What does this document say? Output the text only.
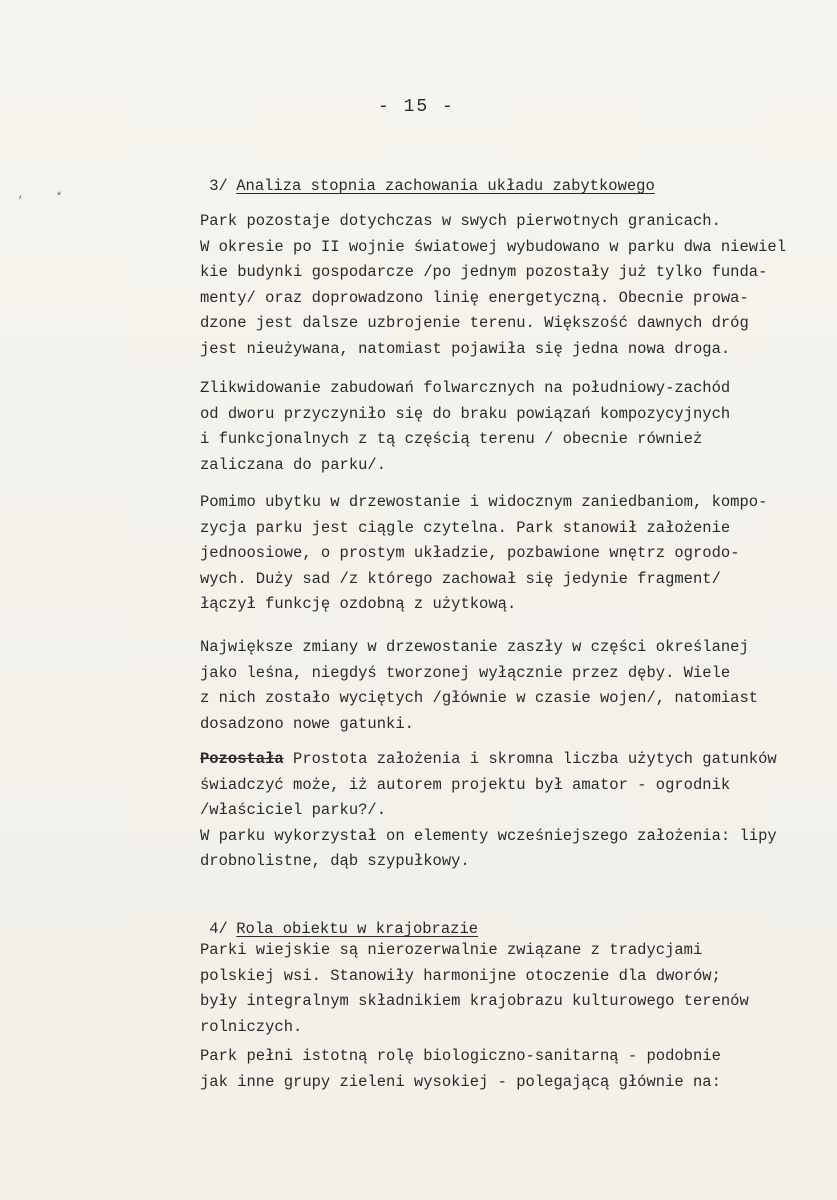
- 15 -
,	*

3/ Analiza stopnia zachowania układu zabytkowego

Park pozostaje dotychczas w swych pierwotnych granicach.
W okresie po II wojnie światowej wybudowano w parku dwa niewiel
kie budynki gospodarcze /po jednym pozostały już tylko funda-
menty/ oraz doprowadzono linię energetyczną. Obecnie prowa-
dzone jest dalsze uzbrojenie terenu. Większość dawnych dróg
jest nieużywana, natomiast pojawiła się jedna nowa droga.
Zlikwidowanie zabudowań folwarcznych na południowy-zachód
od dworu przyczyniło się do braku powiązań kompozycyjnych
i funkcjonalnych z tą częścią terenu / obecnie również
zaliczana do parku/.
Pomimo ubytku w drzewostanie i widocznym zaniedbaniom, kompo-
zycja parku jest ciągle czytelna. Park stanowił założenie
jednoosiowe, o prostym układzie, pozbawione wnętrz ogrodo-
wych. Duży sad /z którego zachował się jedynie fragment/
łączył funkcję ozdobną z użytkową.
Największe zmiany w drzewostanie zaszły w części określanej
jako leśna, niegdyś tworzonej wyłącznie przez dęby. Wiele
z nich zostało wyciętych /głównie w czasie wojen/, natomiast
dosadzono nowe gatunki.
Pozostała Prostota założenia i skromna liczba użytych gatunków
świadczyć może, iż autorem projektu był amator - ogrodnik
/właściciel parku?/.
W parku wykorzystał on elementy wcześniejszego założenia: lipy
drobnolistne, dąb szypułkowy.

4/ Rola obiektu w krajobrazie

Parki wiejskie są nierozerwalnie związane z tradycjami
polskiej wsi. Stanowiły harmonijne otoczenie dla dworów;
były integralnym składnikiem krajobrazu kulturowego terenów
rolniczych.
Park pełni istotną rolę biologiczno-sanitarną - podobnie
jak inne grupy zieleni wysokiej - polegającą głównie na:
